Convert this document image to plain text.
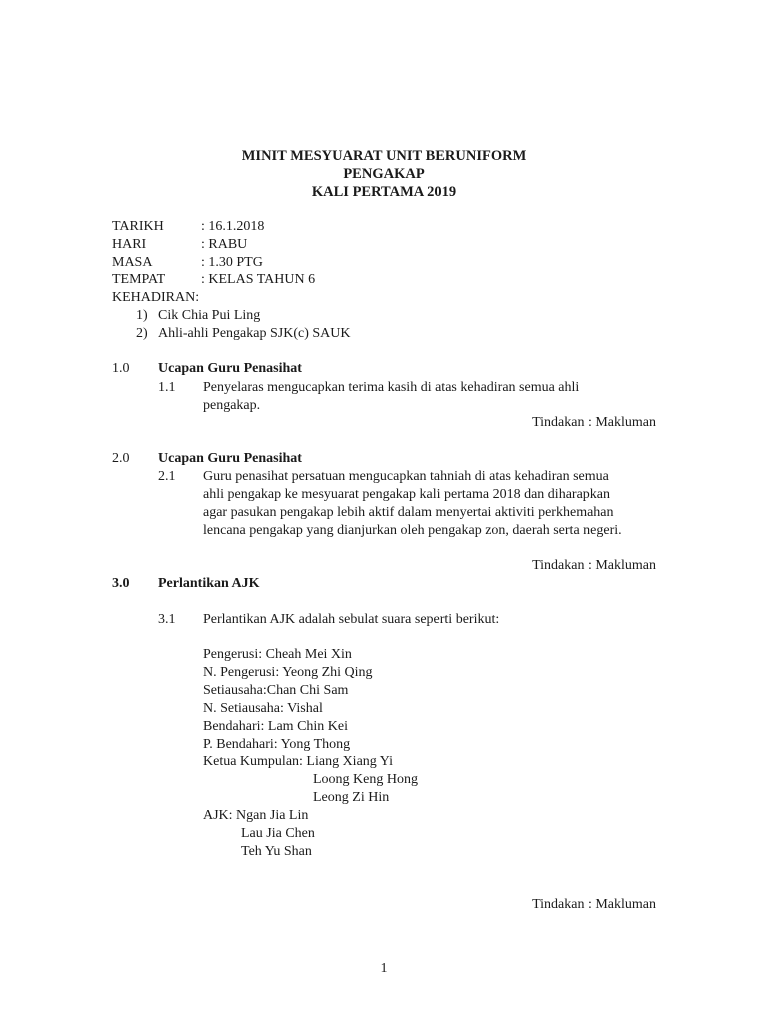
MINIT MESYUARAT UNIT BERUNIFORM
PENGAKAP
KALI PERTAMA 2019
TARIKH	: 16.1.2018
HARI	: RABU
MASA	: 1.30 PTG
TEMPAT	: KELAS TAHUN 6
KEHADIRAN:
1) Cik Chia Pui Ling
2) Ahli-ahli Pengakap SJK(c) SAUK
1.0 Ucapan Guru Penasihat
1.1 Penyelaras mengucapkan terima kasih di atas kehadiran semua ahli
pengakap.
Tindakan : Makluman
2.0 Ucapan Guru Penasihat
2.1 Guru penasihat persatuan mengucapkan tahniah di atas kehadiran semua
ahli pengakap ke mesyuarat pengakap kali pertama 2018 dan diharapkan
agar pasukan pengakap lebih aktif dalam menyertai aktiviti perkhemahan
lencana pengakap yang dianjurkan oleh pengakap zon, daerah serta negeri.
Tindakan : Makluman
3.0 Perlantikan AJK
3.1 Perlantikan AJK adalah sebulat suara seperti berikut:
Pengerusi: Cheah Mei Xin
N. Pengerusi: Yeong Zhi Qing
Setiausaha:Chan Chi Sam
N. Setiausaha: Vishal
Bendahari: Lam Chin Kei
P. Bendahari: Yong Thong
Ketua Kumpulan: Liang Xiang Yi
Loong Keng Hong
Leong Zi Hin
AJK: Ngan Jia Lin
Lau Jia Chen
Teh Yu Shan
Tindakan : Makluman
1
